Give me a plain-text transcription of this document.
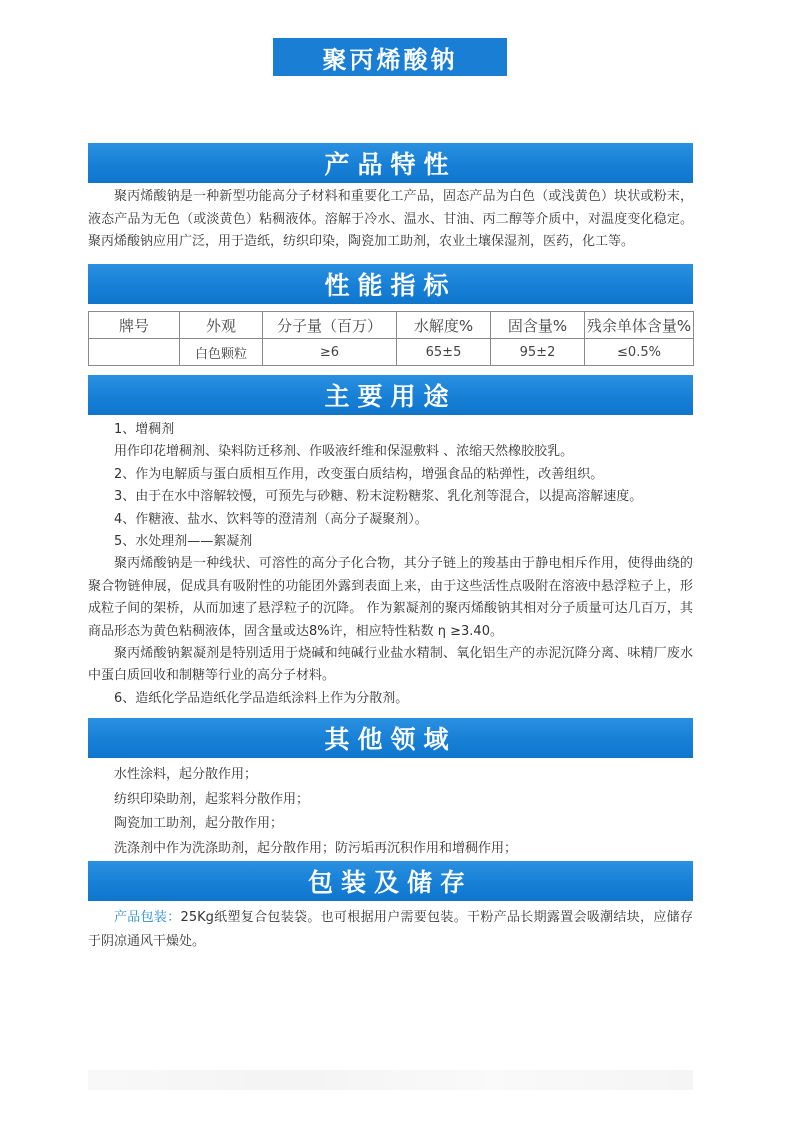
聚丙烯酸钠
产品特性

聚丙烯酸钠是一种新型功能高分子材料和重要化工产品，固态产品为白色（或浅黄色）块状或粉末，液态产品为无色（或淡黄色）粘稠液体。溶解于冷水、温水、甘油、丙二醇等介质中，对温度变化稳定。聚丙烯酸钠应用广泛，用于造纸，纺织印染，陶瓷加工助剂，农业土壤保湿剂，医药，化工等。

性能指标
牌号	外观	分子量（百万）	水解度%	固含量%	残余单体含量%
	白色颗粒	≥6	65±5	95±2	≤0.5%
主要用途

1、增稠剂

用作印花增稠剂、染料防迁移剂、作吸液纤维和保湿敷料 、浓缩天然橡胶胶乳。

2、作为电解质与蛋白质相互作用，改变蛋白质结构，增强食品的粘弹性，改善组织。

3、由于在水中溶解较慢，可预先与砂糖、粉末淀粉糖浆、乳化剂等混合，以提高溶解速度。

4、作糖液、盐水、饮料等的澄清剂（高分子凝聚剂）。

5、水处理剂——絮凝剂

聚丙烯酸钠是一种线状、可溶性的高分子化合物，其分子链上的羧基由于静电相斥作用，使得曲绕的聚合物链伸展，促成具有吸附性的功能团外露到表面上来，由于这些活性点吸附在溶液中悬浮粒子上，形成粒子间的架桥，从而加速了悬浮粒子的沉降。 作为絮凝剂的聚丙烯酸钠其相对分子质量可达几百万，其商品形态为黄色粘稠液体，固含量或达8%许，相应特性粘数 η ≥3.40。

聚丙烯酸钠絮凝剂是特别适用于烧碱和纯碱行业盐水精制、氧化铝生产的赤泥沉降分离、味精厂废水中蛋白质回收和制糖等行业的高分子材料。

6、造纸化学品造纸化学品造纸涂料上作为分散剂。

其他领域

水性涂料，起分散作用；

纺织印染助剂，起浆料分散作用；

陶瓷加工助剂，起分散作用；

洗涤剂中作为洗涤助剂，起分散作用；防污垢再沉积作用和增稠作用；

包装及储存

产品包装：25Kg纸塑复合包装袋。也可根据用户需要包装。干粉产品长期露置会吸潮结块，应储存于阴凉通风干燥处。
